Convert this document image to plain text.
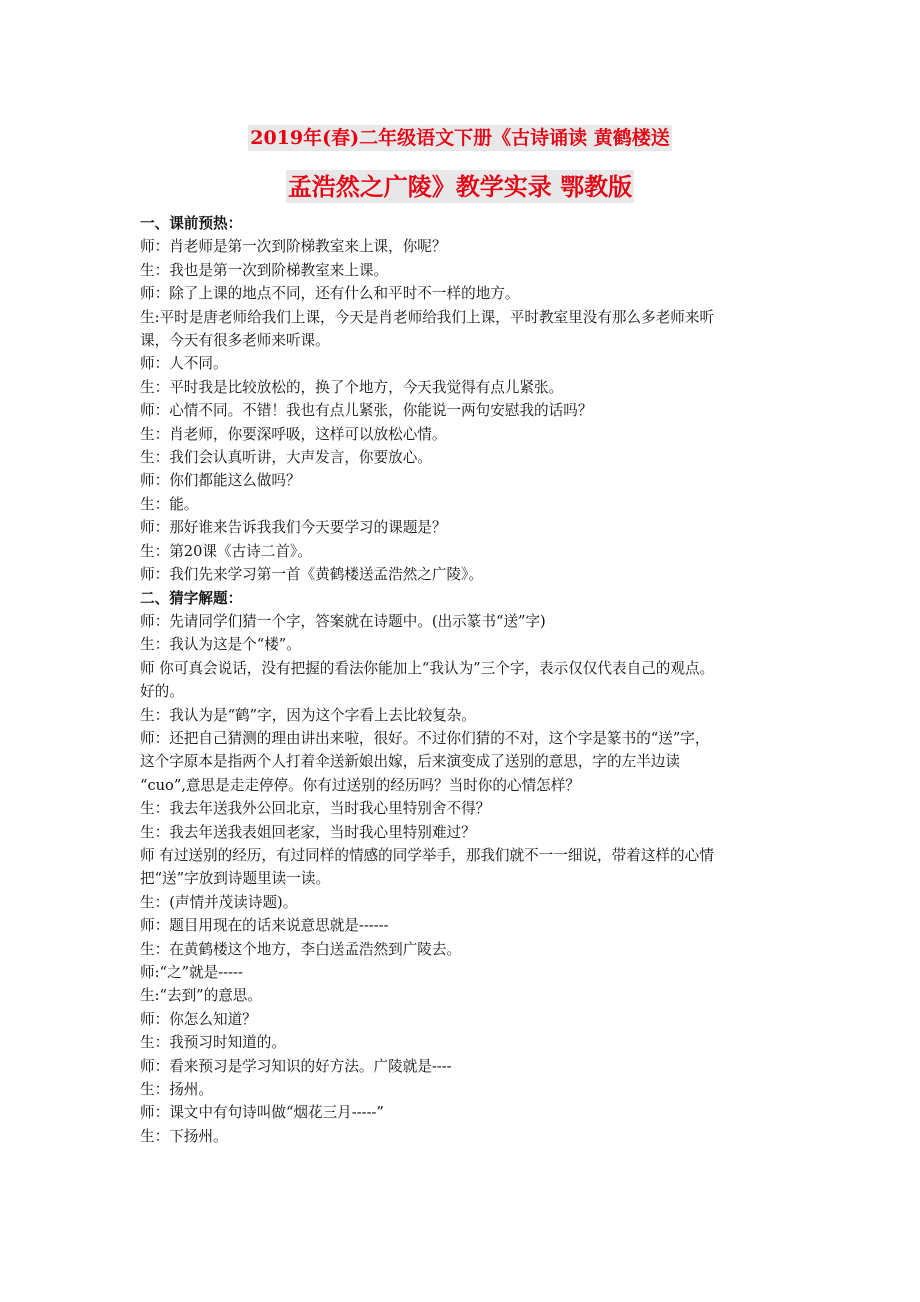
2019年(春)二年级语文下册《古诗诵读 黄鹤楼送
孟浩然之广陵》教学实录 鄂教版
一、课前预热：
师：肖老师是第一次到阶梯教室来上课，你呢？
生：我也是第一次到阶梯教室来上课。
师：除了上课的地点不同，还有什么和平时不一样的地方。
生:平时是唐老师给我们上课，今天是肖老师给我们上课，平时教室里没有那么多老师来听
课，今天有很多老师来听课。
师：人不同。
生：平时我是比较放松的，换了个地方，今天我觉得有点儿紧张。
师：心情不同。不错！我也有点儿紧张，你能说一两句安慰我的话吗？
生：肖老师，你要深呼吸，这样可以放松心情。
生：我们会认真听讲，大声发言，你要放心。
师：你们都能这么做吗？
生：能。
师：那好谁来告诉我我们今天要学习的课题是？
生：第20课《古诗二首》。
师：我们先来学习第一首《黄鹤楼送孟浩然之广陵》。
二、猜字解题：
师：先请同学们猜一个字，答案就在诗题中。(出示篆书“送”字)
生：我认为这是个“楼”。
师 你可真会说话，没有把握的看法你能加上“我认为”三个字，表示仅仅代表自己的观点。
好的。
生：我认为是“鹤”字，因为这个字看上去比较复杂。
师：还把自己猜测的理由讲出来啦，很好。不过你们猜的不对，这个字是篆书的“送”字，
这个字原本是指两个人打着伞送新娘出嫁，后来演变成了送别的意思，字的左半边读
“cuo”,意思是走走停停。你有过送别的经历吗？当时你的心情怎样？
生：我去年送我外公回北京，当时我心里特别舍不得？
生：我去年送我表姐回老家，当时我心里特别难过？
师 有过送别的经历，有过同样的情感的同学举手，那我们就不一一细说，带着这样的心情
把“送”字放到诗题里读一读。
生：(声情并茂读诗题)。
师：题目用现在的话来说意思就是------
生：在黄鹤楼这个地方，李白送孟浩然到广陵去。
师:“之”就是-----
生:“去到”的意思。
师：你怎么知道？
生：我预习时知道的。
师：看来预习是学习知识的好方法。广陵就是----
生：扬州。
师：课文中有句诗叫做“烟花三月-----”
生：下扬州。
